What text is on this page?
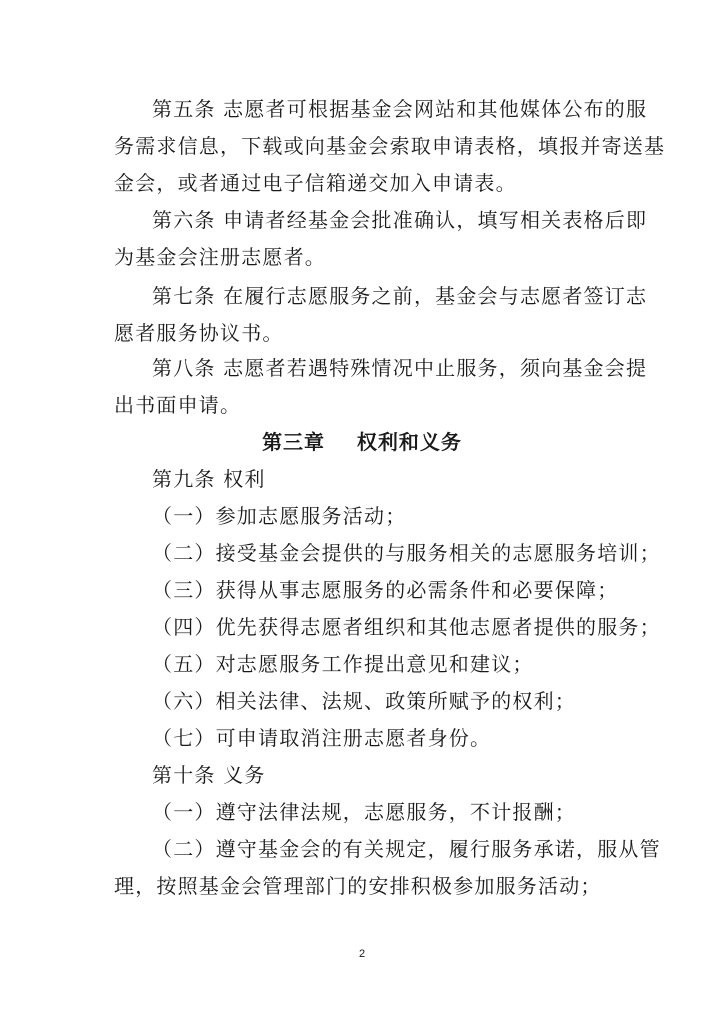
第五条 志愿者可根据基金会网站和其他媒体公布的服
务需求信息，下载或向基金会索取申请表格，填报并寄送基
金会，或者通过电子信箱递交加入申请表。
第六条 申请者经基金会批准确认，填写相关表格后即
为基金会注册志愿者。
第七条 在履行志愿服务之前，基金会与志愿者签订志
愿者服务协议书。
第八条 志愿者若遇特殊情况中止服务，须向基金会提
出书面申请。
第三章    权利和义务
第九条 权利
（一）参加志愿服务活动；
（二）接受基金会提供的与服务相关的志愿服务培训；
（三）获得从事志愿服务的必需条件和必要保障；
（四）优先获得志愿者组织和其他志愿者提供的服务；
（五）对志愿服务工作提出意见和建议；
（六）相关法律、法规、政策所赋予的权利；
（七）可申请取消注册志愿者身份。
第十条 义务
（一）遵守法律法规，志愿服务，不计报酬；
（二）遵守基金会的有关规定，履行服务承诺，服从管
理，按照基金会管理部门的安排积极参加服务活动；
2
